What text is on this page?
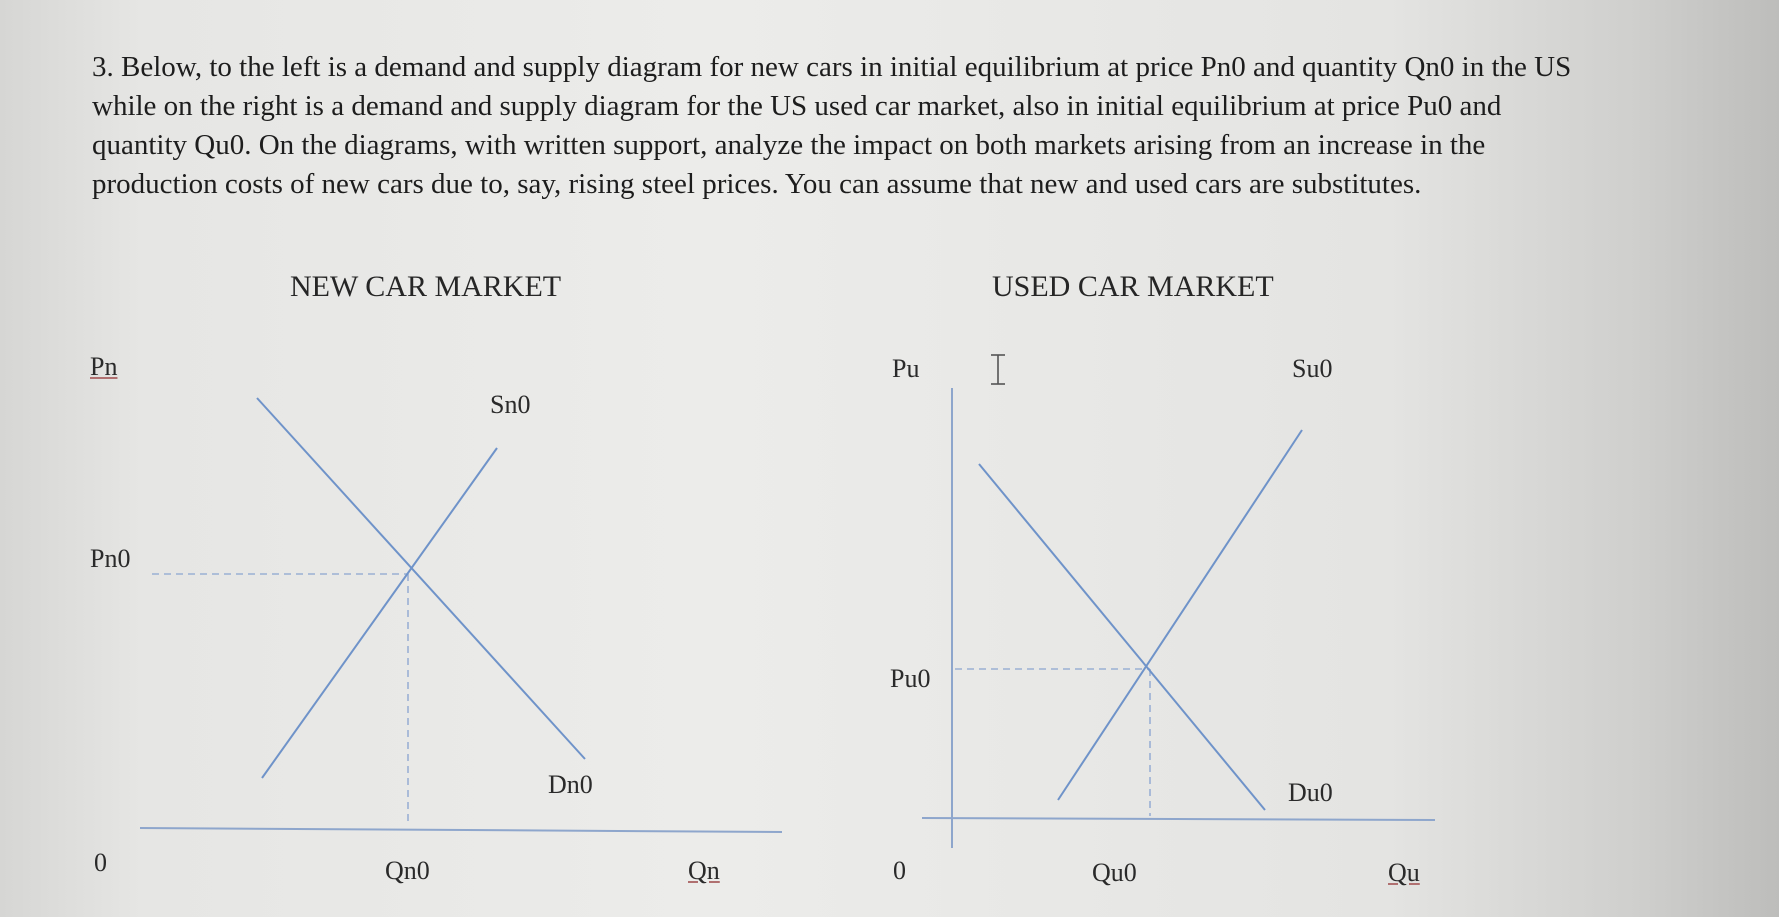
3. Below, to the left is a demand and supply diagram for new cars in initial equilibrium at price Pn0 and quantity Qn0 in the US while on the right is a demand and supply diagram for the US used car market, also in initial equilibrium at price Pu0 and quantity Qu0. On the diagrams, with written support, analyze the impact on both markets arising from an increase in the production costs of new cars due to, say, rising steel prices. You can assume that new and used cars are substitutes.

NEW CAR MARKET
Pn
Sn0
Pn0
Dn0
0	Qn0	Qn
USED CAR MARKET
Pu	Su0
Pu0
Du0
0	Qu0	Qu
